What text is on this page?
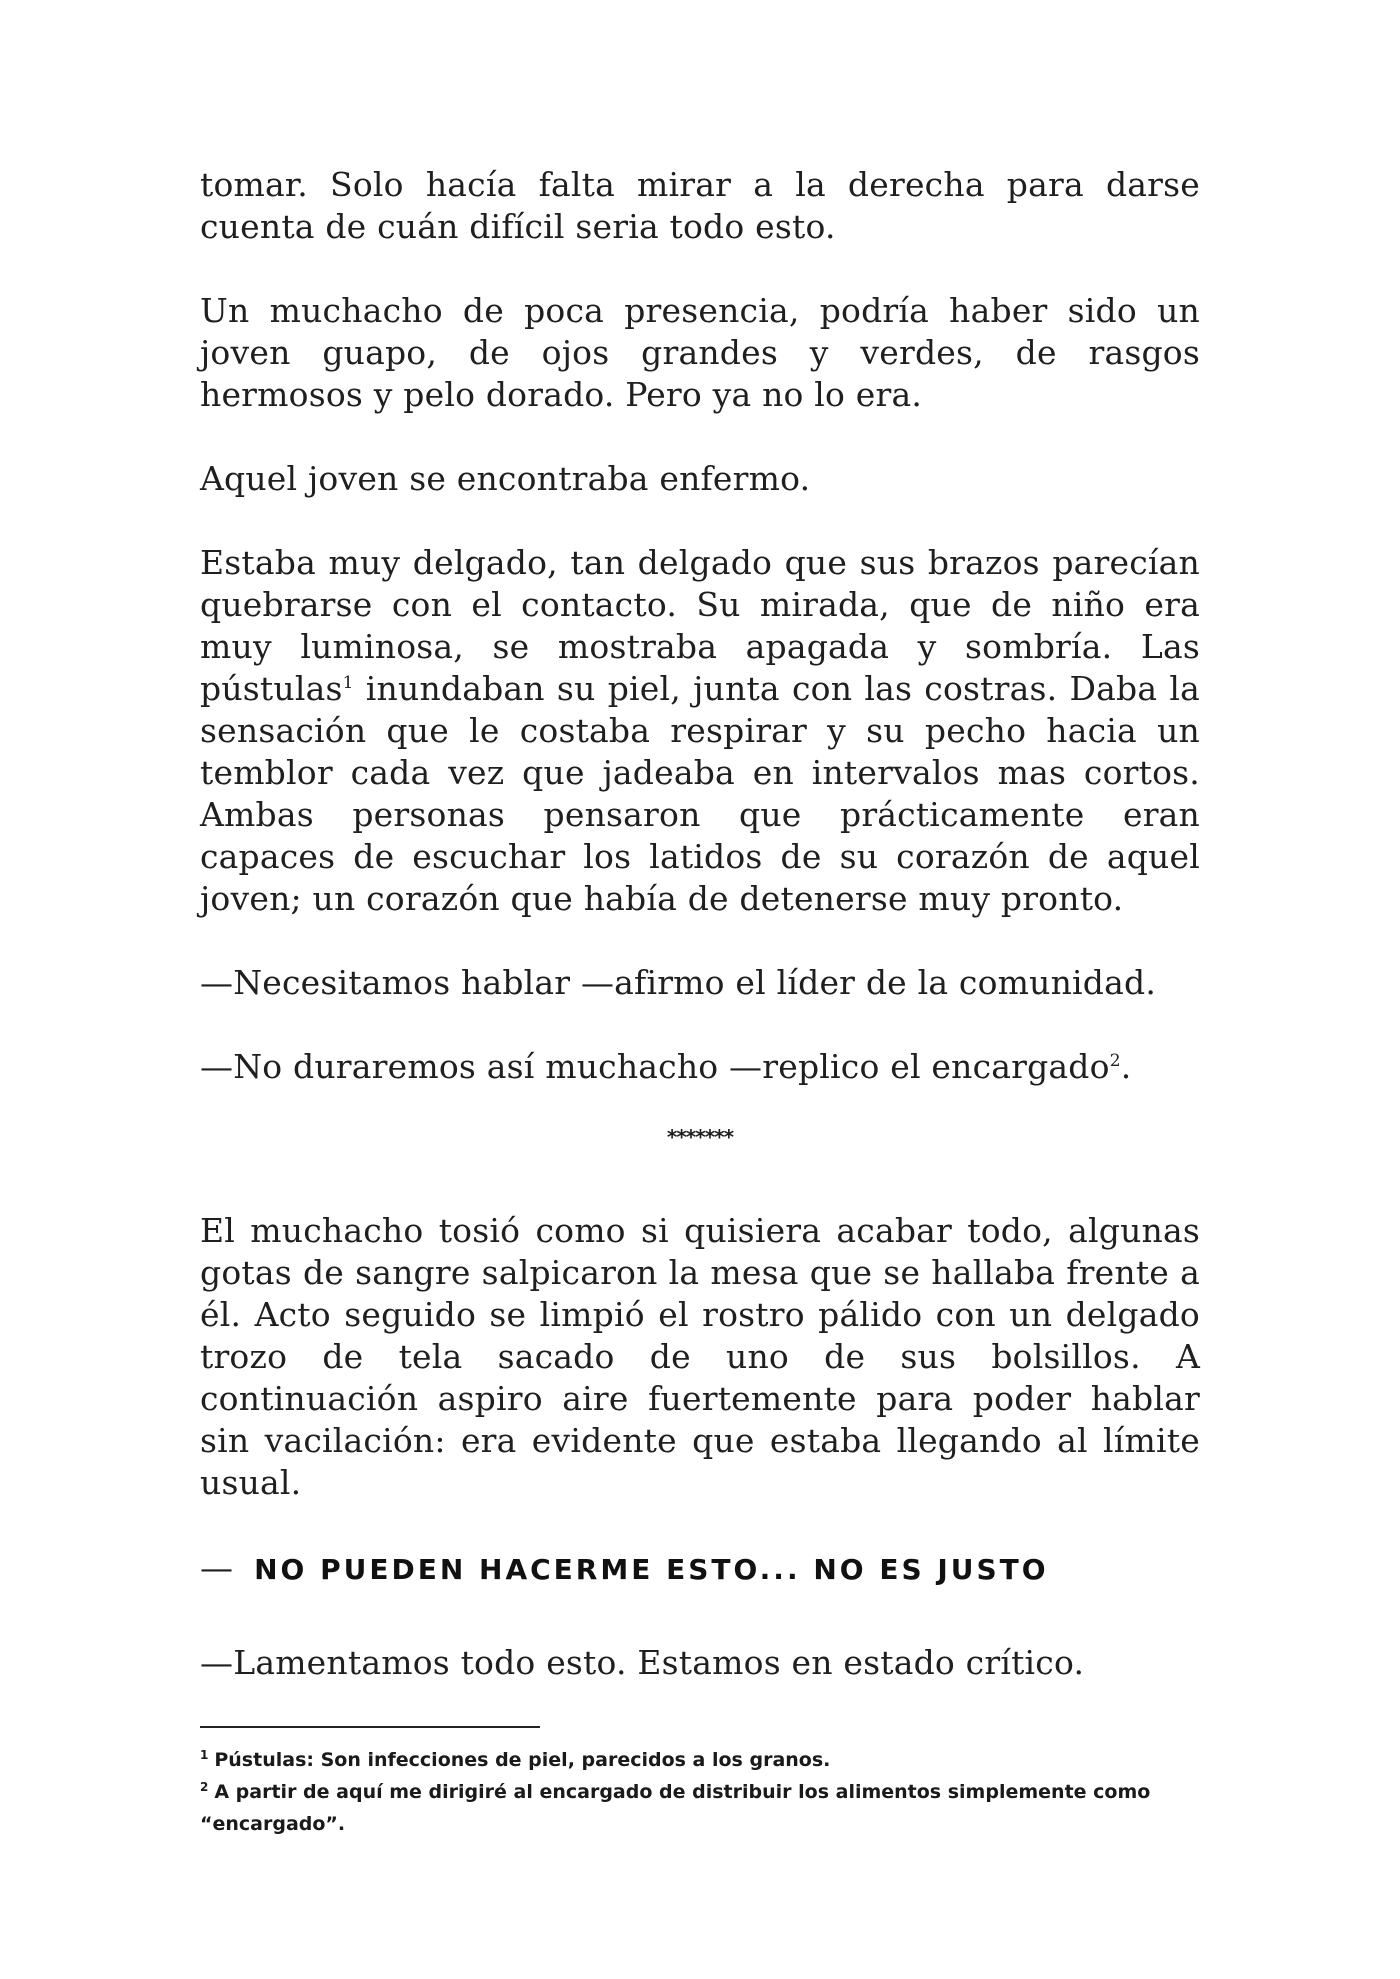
tomar. Solo hacía falta mirar a la derecha para darse cuenta de cuán difícil seria todo esto.

Un muchacho de poca presencia, podría haber sido un joven guapo, de ojos grandes y verdes, de rasgos hermosos y pelo dorado. Pero ya no lo era.

Aquel joven se encontraba enfermo.

Estaba muy delgado, tan delgado que sus brazos parecían quebrarse con el contacto. Su mirada, que de niño era muy luminosa, se mostraba apagada y sombría. Las pústulas$^1$ inundaban su piel, junta con las costras. Daba la sensación que le costaba respirar y su pecho hacia un temblor cada vez que jadeaba en intervalos mas cortos. Ambas personas pensaron que prácticamente eran capaces de escuchar los latidos de su corazón de aquel joven; un corazón que había de detenerse muy pronto.

—Necesitamos hablar —afirmo el líder de la comunidad.

—No duraremos así muchacho —replico el encargado$^2$.

*******

El muchacho tosió como si quisiera acabar todo, algunas gotas de sangre salpicaron la mesa que se hallaba frente a él. Acto seguido se limpió el rostro pálido con un delgado trozo de tela sacado de uno de sus bolsillos. A continuación aspiro aire fuertemente para poder hablar sin vacilación: era evidente que estaba llegando al límite usual.

— NO PUEDEN HACERME ESTO... NO ES JUSTO

—Lamentamos todo esto. Estamos en estado crítico.

$^1$ Pústulas: Son infecciones de piel, parecidos a los granos.

$^2$ A partir de aquí me dirigiré al encargado de distribuir los alimentos simplemente como “encargado”.
